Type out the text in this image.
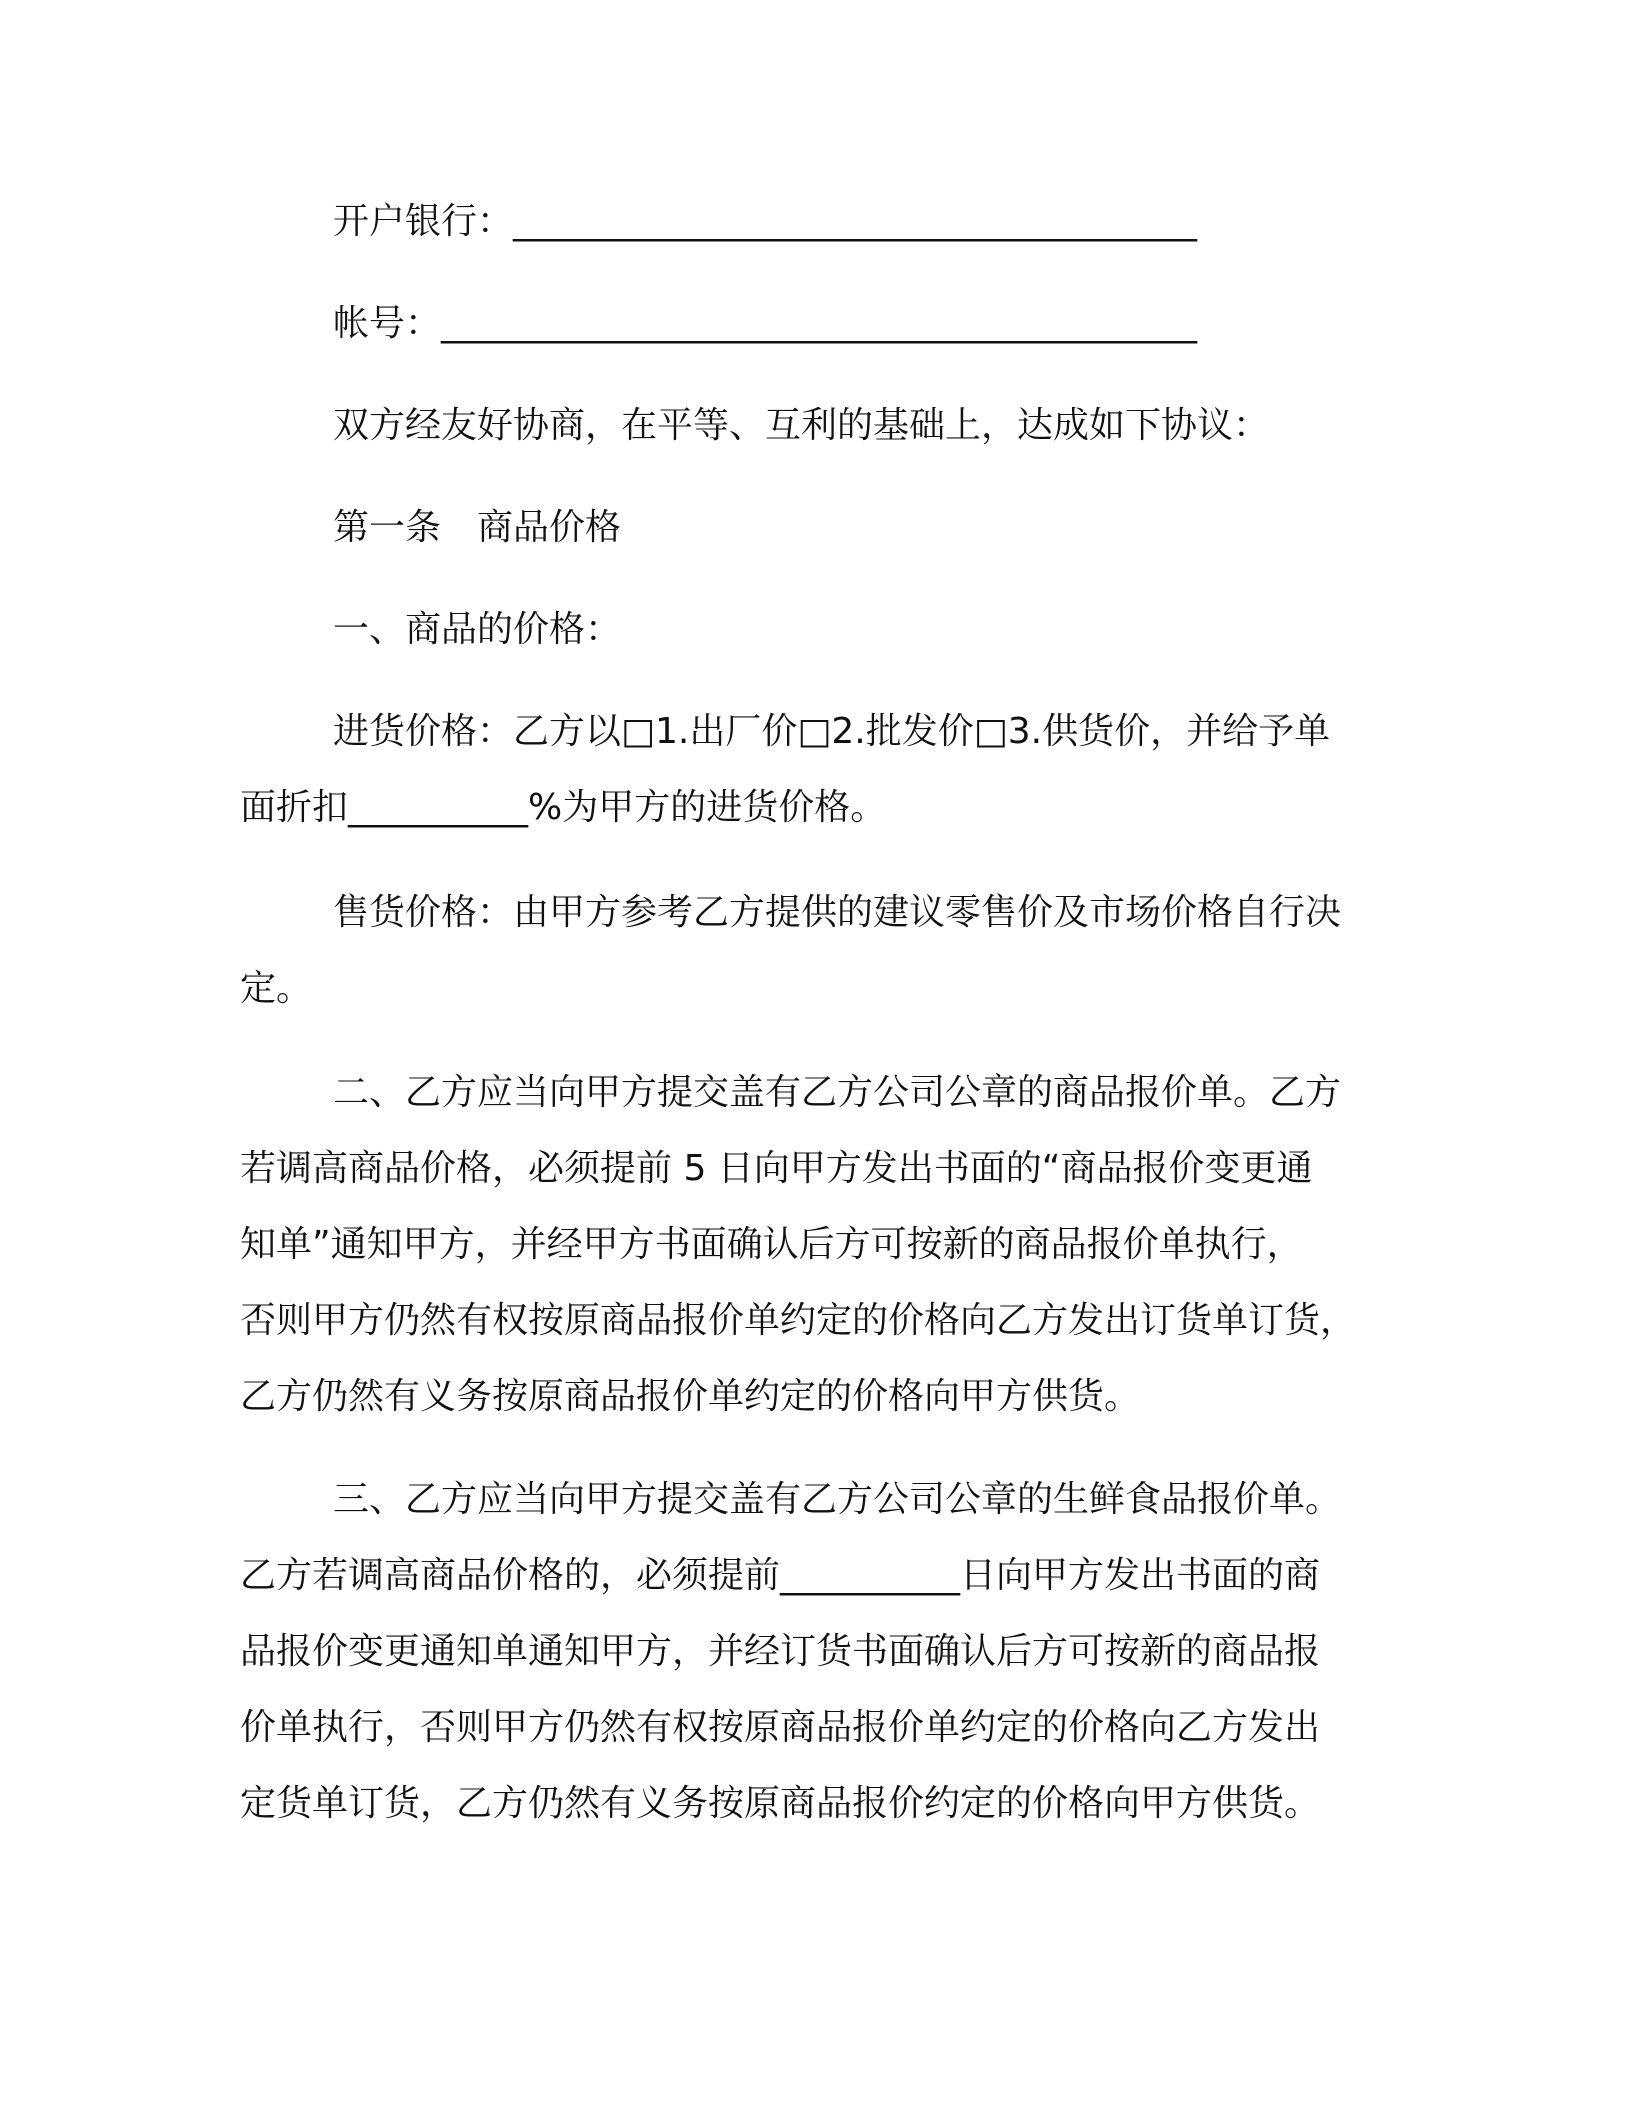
开户银行：______________________________________
帐号：__________________________________________
双方经友好协商，在平等、互利的基础上，达成如下协议：
第一条　商品价格
一、商品的价格：
进货价格：乙方以□1.出厂价□2.批发价□3.供货价，并给予单
面折扣__________%为甲方的进货价格。
售货价格：由甲方参考乙方提供的建议零售价及市场价格自行决
定。
二、乙方应当向甲方提交盖有乙方公司公章的商品报价单。乙方
若调高商品价格，必须提前 5 日向甲方发出书面的“商品报价变更通
知单”通知甲方，并经甲方书面确认后方可按新的商品报价单执行，
否则甲方仍然有权按原商品报价单约定的价格向乙方发出订货单订货，
乙方仍然有义务按原商品报价单约定的价格向甲方供货。
三、乙方应当向甲方提交盖有乙方公司公章的生鲜食品报价单。
乙方若调高商品价格的，必须提前__________日向甲方发出书面的商
品报价变更通知单通知甲方，并经订货书面确认后方可按新的商品报
价单执行，否则甲方仍然有权按原商品报价单约定的价格向乙方发出
定货单订货，乙方仍然有义务按原商品报价约定的价格向甲方供货。
